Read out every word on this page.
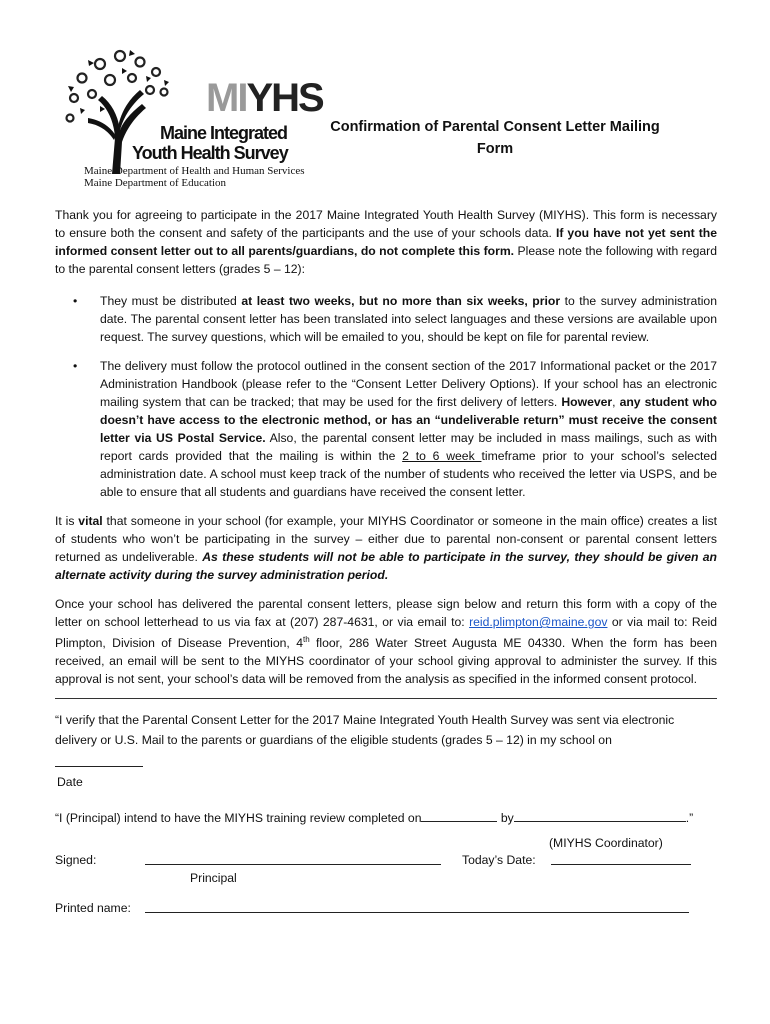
MIYHS
Maine Integrated
Youth Health Survey
Maine Department of Health and Human Services
Maine Department of Education
Confirmation of Parental Consent Letter Mailing
Form

Thank you for agreeing to participate in the 2017 Maine Integrated Youth Health Survey (MIYHS). This form is necessary to ensure both the consent and safety of the participants and the use of your schools data. If you have not yet sent the informed consent letter out to all parents/guardians, do not complete this form. Please note the following with regard to the parental consent letters (grades 5 – 12):

• They must be distributed at least two weeks, but no more than six weeks, prior to the survey administration date. The parental consent letter has been translated into select languages and these versions are available upon request. The survey questions, which will be emailed to you, should be kept on file for parental review.
• The delivery must follow the protocol outlined in the consent section of the 2017 Informational packet or the 2017 Administration Handbook (please refer to the “Consent Letter Delivery Options). If your school has an electronic mailing system that can be tracked; that may be used for the first delivery of letters. However, any student who doesn’t have access to the electronic method, or has an “undeliverable return” must receive the consent letter via US Postal Service. Also, the parental consent letter may be included in mass mailings, such as with report cards provided that the mailing is within the 2 to 6 week timeframe prior to your school’s selected administration date. A school must keep track of the number of students who received the letter via USPS, and be able to ensure that all students and guardians have received the consent letter.

It is vital that someone in your school (for example, your MIYHS Coordinator or someone in the main office) creates a list of students who won’t be participating in the survey – either due to parental non-consent or parental consent letters returned as undeliverable. As these students will not be able to participate in the survey, they should be given an alternate activity during the survey administration period.

Once your school has delivered the parental consent letters, please sign below and return this form with a copy of the letter on school letterhead to us via fax at (207) 287-4631, or via email to: reid.plimpton@maine.gov or via mail to: Reid Plimpton, Division of Disease Prevention, 4th floor, 286 Water Street Augusta ME 04330. When the form has been received, an email will be sent to the MIYHS coordinator of your school giving approval to administer the survey. If this approval is not sent, your school’s data will be removed from the analysis as specified in the informed consent protocol.

“I verify that the Parental Consent Letter for the 2017 Maine Integrated Youth Health Survey was sent via electronic delivery or U.S. Mail to the parents or guardians of the eligible students (grades 5 – 12) in my school on
Date
“I (Principal) intend to have the MIYHS training review completed on	by	.”
(MIYHS Coordinator)
Signed:	Today’s Date:
Principal
Printed name:
